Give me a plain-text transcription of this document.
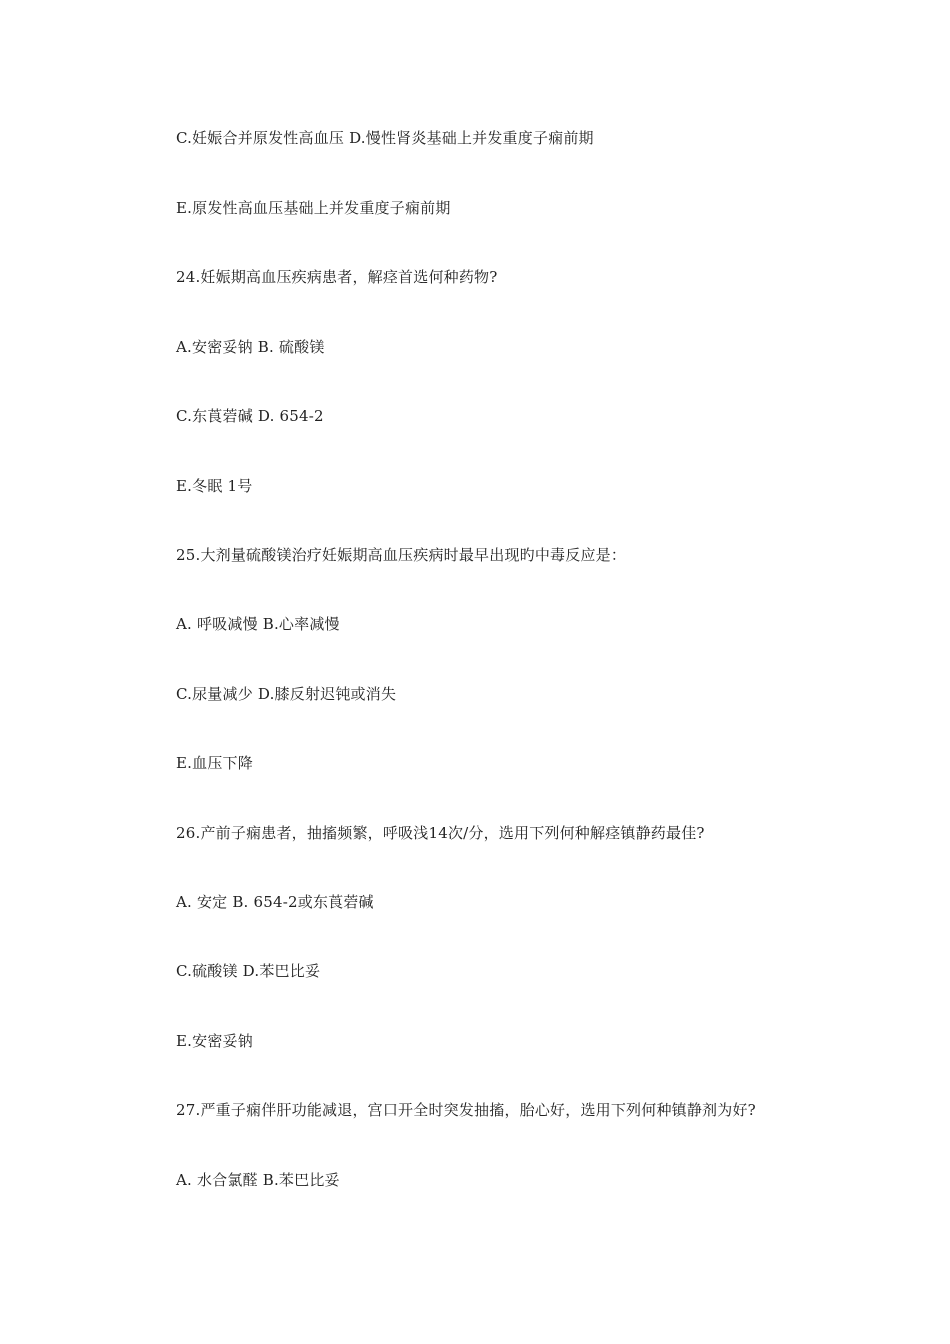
C.妊娠合并原发性高血压 D.慢性肾炎基础上并发重度子痫前期
E.原发性高血压基础上并发重度子痫前期
24.妊娠期高血压疾病患者，解痉首选何种药物?
A.安密妥钠 B. 硫酸镁
C.东莨菪碱 D. 654-2
E.冬眠 1号
25.大剂量硫酸镁治疗妊娠期高血压疾病时最早出现旳中毒反应是：
A. 呼吸减慢 B.心率减慢
C.尿量减少 D.膝反射迟钝或消失
E.血压下降
26.产前子痫患者，抽搐频繁，呼吸浅14次/分，选用下列何种解痉镇静药最佳?
A. 安定 B. 654-2或东莨菪碱
C.硫酸镁 D.苯巴比妥
E.安密妥钠
27.严重子痫伴肝功能减退，宫口开全时突发抽搐，胎心好，选用下列何种镇静剂为好?
A. 水合氯醛 B.苯巴比妥
